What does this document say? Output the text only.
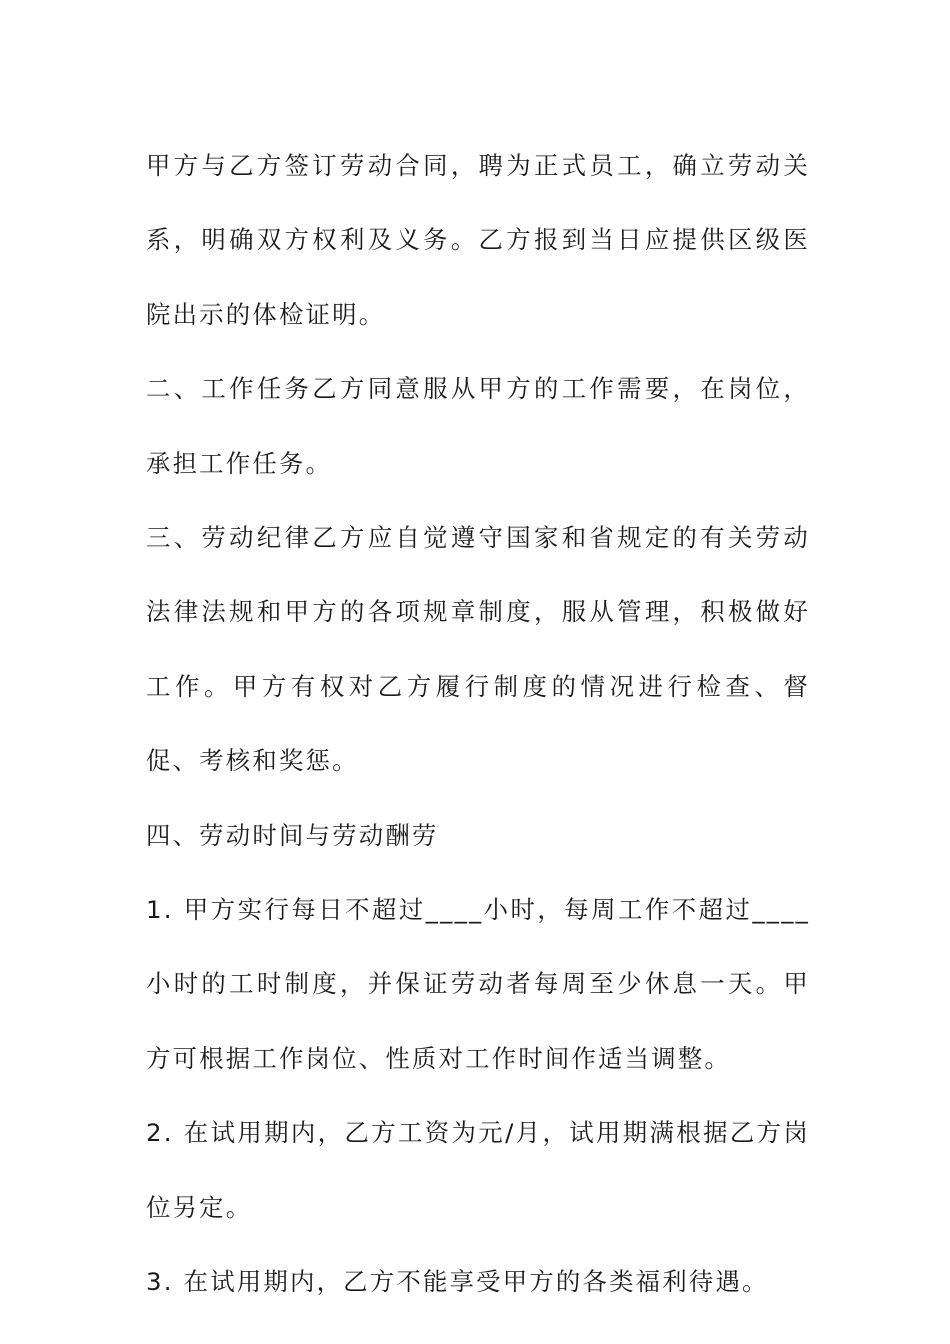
甲方与乙方签订劳动合同，聘为正式员工，确立劳动关系，明确双方权利及义务。乙方报到当日应提供区级医院出示的体检证明。

二、工作任务乙方同意服从甲方的工作需要，在岗位，承担工作任务。

三、劳动纪律乙方应自觉遵守国家和省规定的有关劳动法律法规和甲方的各项规章制度，服从管理，积极做好工作。甲方有权对乙方履行制度的情况进行检查、督促、考核和奖惩。

四、劳动时间与劳动酬劳

1. 甲方实行每日不超过____小时，每周工作不超过____小时的工时制度，并保证劳动者每周至少休息一天。甲方可根据工作岗位、性质对工作时间作适当调整。

2. 在试用期内，乙方工资为元/月，试用期满根据乙方岗位另定。

3. 在试用期内，乙方不能享受甲方的各类福利待遇。
